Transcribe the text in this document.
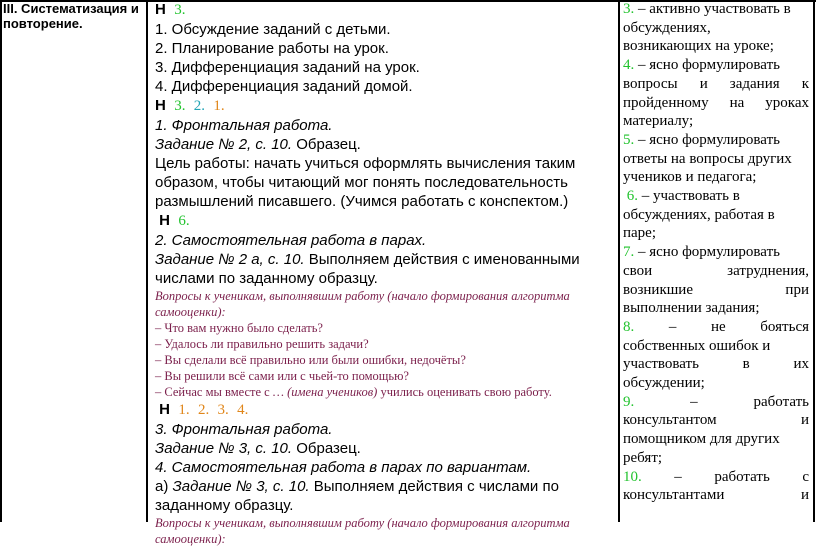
III. Систематизация и повторение.
Н 3.
1. Обсуждение заданий с детьми.
2. Планирование работы на урок.
3. Дифференциация заданий на урок.
4. Дифференциация заданий домой.
Н 3. 2. 1.
1. Фронтальная работа.
Задание № 2, с. 10. Образец.
Цель работы: начать учиться оформлять вычисления таким
образом, чтобы читающий мог понять последовательность
размышлений писавшего. (Учимся работать с конспектом.)
Н 6.
2. Самостоятельная работа в парах.
Задание № 2 а, с. 10. Выполняем действия с именованными
числами по заданному образцу.
Вопросы к ученикам, выполнявшим работу (начало формирования алгоритма
самооценки):
– Что вам нужно было сделать?
– Удалось ли правильно решить задачи?
– Вы сделали всё правильно или были ошибки, недочёты?
– Вы решили всё сами или с чьей-то помощью?
– Сейчас мы вместе с … (имена учеников) учились оценивать свою работу.
Н 1. 2. 3. 4.
3. Фронтальная работа.
Задание № 3, с. 10. Образец.
4. Самостоятельная работа в парах по вариантам.
а) Задание № 3, с. 10. Выполняем действия с числами по
заданному образцу.
Вопросы к ученикам, выполнявшим работу (начало формирования алгоритма
самооценки):
3. – активно участвовать в
обсуждениях,
возникающих на уроке;
4. – ясно формулировать
вопросы и задания к
пройденному на уроках
материалу;
5. – ясно формулировать
ответы на вопросы других
учеников и педагога;
6. – участвовать в
обсуждениях, работая в
паре;
7. – ясно формулировать
свои затруднения,
возникшие при
выполнении задания;
8. – не бояться
собственных ошибок и
участвовать в их
обсуждении;
9.	– работать
консультантом и
помощником для других
ребят;
10. – работать с
консультантами и
